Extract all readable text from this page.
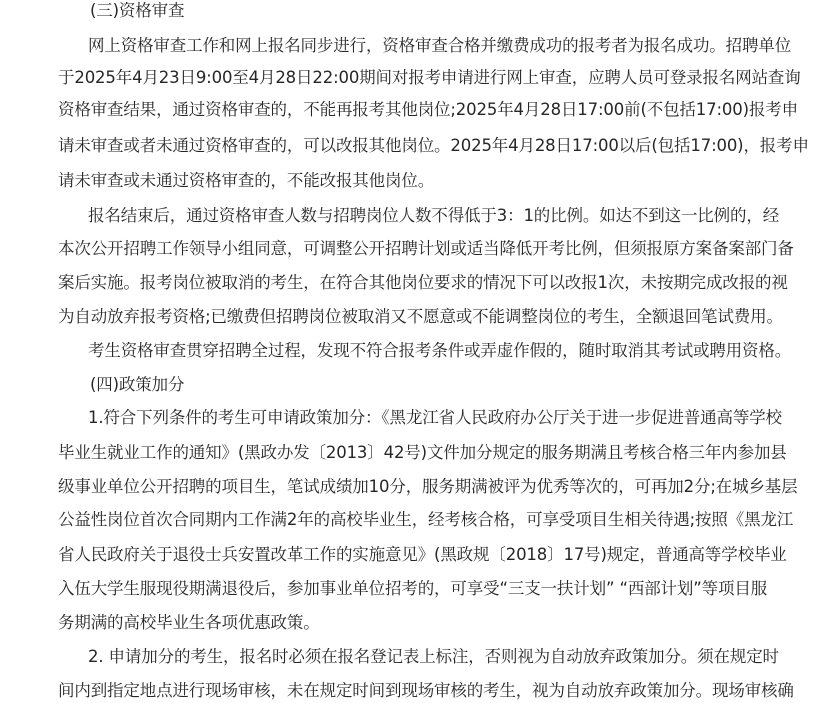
(三)资格审查
网上资格审查工作和网上报名同步进行，资格审查合格并缴费成功的报考者为报名成功。招聘单位
于2025年4月23日9:00至4月28日22:00期间对报考申请进行网上审查，应聘人员可登录报名网站查询
资格审查结果，通过资格审查的，不能再报考其他岗位;2025年4月28日17:00前(不包括17:00)报考申
请未审查或者未通过资格审查的，可以改报其他岗位。2025年4月28日17:00以后(包括17:00)，报考申
请未审查或未通过资格审查的，不能改报其他岗位。
报名结束后，通过资格审查人数与招聘岗位人数不得低于3：1的比例。如达不到这一比例的，经
本次公开招聘工作领导小组同意，可调整公开招聘计划或适当降低开考比例，但须报原方案备案部门备
案后实施。报考岗位被取消的考生，在符合其他岗位要求的情况下可以改报1次，未按期完成改报的视
为自动放弃报考资格;已缴费但招聘岗位被取消又不愿意或不能调整岗位的考生，全额退回笔试费用。
考生资格审查贯穿招聘全过程，发现不符合报考条件或弄虚作假的，随时取消其考试或聘用资格。
(四)政策加分
1.符合下列条件的考生可申请政策加分：《黑龙江省人民政府办公厅关于进一步促进普通高等学校
毕业生就业工作的通知》(黑政办发〔2013〕42号)文件加分规定的服务期满且考核合格三年内参加县
级事业单位公开招聘的项目生，笔试成绩加10分，服务期满被评为优秀等次的，可再加2分;在城乡基层
公益性岗位首次合同期内工作满2年的高校毕业生，经考核合格，可享受项目生相关待遇;按照《黑龙江
省人民政府关于退役士兵安置改革工作的实施意见》(黑政规〔2018〕17号)规定，普通高等学校毕业
入伍大学生服现役期满退役后，参加事业单位招考的，可享受“三支一扶计划” “西部计划”等项目服
务期满的高校毕业生各项优惠政策。
2. 申请加分的考生，报名时必须在报名登记表上标注，否则视为自动放弃政策加分。须在规定时
间内到指定地点进行现场审核，未在规定时间到现场审核的考生，视为自动放弃政策加分。现场审核确
